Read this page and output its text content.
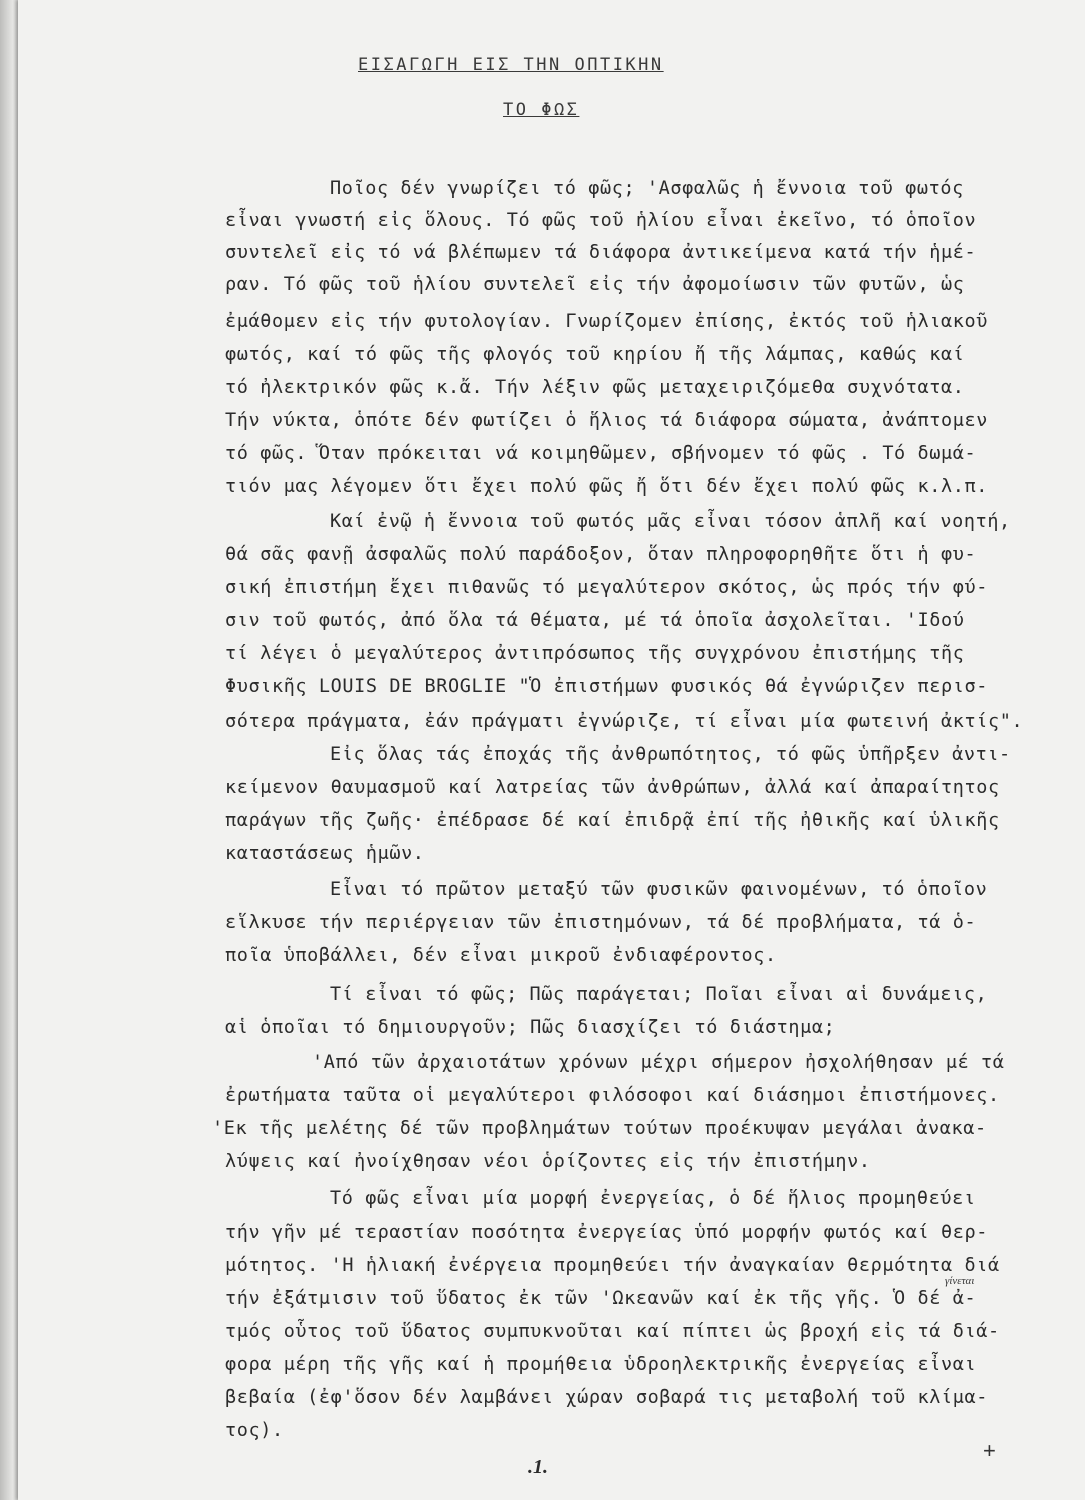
ΕΙΣΑΓΩΓΗ ΕΙΣ ΤΗΝ ΟΠΤΙΚΗΝ
ΤΟ ΦΩΣ
Ποῖος δέν γνωρίζει τό φῶς; 'Ασφαλῶς ἡ ἔννοια τοῦ φωτός
εἶναι γνωστή εἰς ὅλους. Τό φῶς τοῦ ἡλίου εἶναι ἐκεῖνο, τό ὁποῖον
συντελεῖ εἰς τό νά βλέπωμεν τά διάφορα ἀντικείμενα κατά τήν ἡμέ-
ραν. Τό φῶς τοῦ ἡλίου συντελεῖ εἰς τήν ἀφομοίωσιν τῶν φυτῶν, ὡς
ἐμάθομεν εἰς τήν φυτολογίαν. Γνωρίζομεν ἐπίσης, ἐκτός τοῦ ἡλιακοῦ
φωτός, καί τό φῶς τῆς φλογός τοῦ κηρίου ἤ τῆς λάμπας, καθώς καί
τό ἠλεκτρικόν φῶς κ.ἄ. Τήν λέξιν φῶς μεταχειριζόμεθα συχνότατα.
Τήν νύκτα, ὁπότε δέν φωτίζει ὁ ἥλιος τά διάφορα σώματα, ἀνάπτομεν
τό φῶς. Ὅταν πρόκειται νά κοιμηθῶμεν, σβήνομεν τό φῶς . Τό δωμά-
τιόν μας λέγομεν ὅτι ἔχει πολύ φῶς ἤ ὅτι δέν ἔχει πολύ φῶς κ.λ.π.
Καί ἐνῷ ἡ ἔννοια τοῦ φωτός μᾶς εἶναι τόσον ἁπλῆ καί νοητή,
θά σᾶς φανῇ ἀσφαλῶς πολύ παράδοξον, ὅταν πληροφορηθῆτε ὅτι ἡ φυ-
σική ἐπιστήμη ἔχει πιθανῶς τό μεγαλύτερον σκότος, ὡς πρός τήν φύ-
σιν τοῦ φωτός, ἀπό ὅλα τά θέματα, μέ τά ὁποῖα ἀσχολεῖται. 'Ιδού
τί λέγει ὁ μεγαλύτερος ἀντιπρόσωπος τῆς συγχρόνου ἐπιστήμης τῆς
Φυσικῆς LOUIS DE BROGLIE "Ὁ ἐπιστήμων φυσικός θά ἐγνώριζεν περισ-
σότερα πράγματα, ἐάν πράγματι ἐγνώριζε, τί εἶναι μία φωτεινή ἀκτίς".
Εἰς ὅλας τάς ἐποχάς τῆς ἀνθρωπότητος, τό φῶς ὑπῆρξεν ἀντι-
κείμενον θαυμασμοῦ καί λατρείας τῶν ἀνθρώπων, ἀλλά καί ἀπαραίτητος
παράγων τῆς ζωῆς· ἐπέδρασε δέ καί ἐπιδρᾷ ἐπί τῆς ἠθικῆς καί ὑλικῆς
καταστάσεως ἡμῶν.
Εἶναι τό πρῶτον μεταξύ τῶν φυσικῶν φαινομένων, τό ὁποῖον
εἵλκυσε τήν περιέργειαν τῶν ἐπιστημόνων, τά δέ προβλήματα, τά ὁ-
ποῖα ὑποβάλλει, δέν εἶναι μικροῦ ἐνδιαφέροντος.
Τί εἶναι τό φῶς; Πῶς παράγεται; Ποῖαι εἶναι αἱ δυνάμεις,
αἱ ὁποῖαι τό δημιουργοῦν; Πῶς διασχίζει τό διάστημα;
'Από τῶν ἀρχαιοτάτων χρόνων μέχρι σήμερον ἠσχολήθησαν μέ τά
ἐρωτήματα ταῦτα οἱ μεγαλύτεροι φιλόσοφοι καί διάσημοι ἐπιστήμονες.
'Εκ τῆς μελέτης δέ τῶν προβλημάτων τούτων προέκυψαν μεγάλαι ἀνακα-
λύψεις καί ἠνοίχθησαν νέοι ὁρίζοντες εἰς τήν ἐπιστήμην.
Τό φῶς εἶναι μία μορφή ἐνεργείας, ὁ δέ ἥλιος προμηθεύει
τήν γῆν μέ τεραστίαν ποσότητα ἐνεργείας ὑπό μορφήν φωτός καί θερ-
μότητος. 'Η ἡλιακή ἐνέργεια προμηθεύει τήν ἀναγκαίαν θερμότητα διά
τήν ἐξάτμισιν τοῦ ὕδατος ἐκ τῶν 'Ωκεανῶν καί ἐκ τῆς γῆς. Ὁ δέ ἀ-
τμός οὗτος τοῦ ὕδατος συμπυκνοῦται καί πίπτει ὡς βροχή εἰς τά διά-
φορα μέρη τῆς γῆς καί ἡ προμήθεια ὑδροηλεκτρικῆς ἐνεργείας εἶναι
βεβαία (ἐφ'ὅσον δέν λαμβάνει χώραν σοβαρά τις μεταβολή τοῦ κλίμα-
τος).
γίνεται
.1.
+
